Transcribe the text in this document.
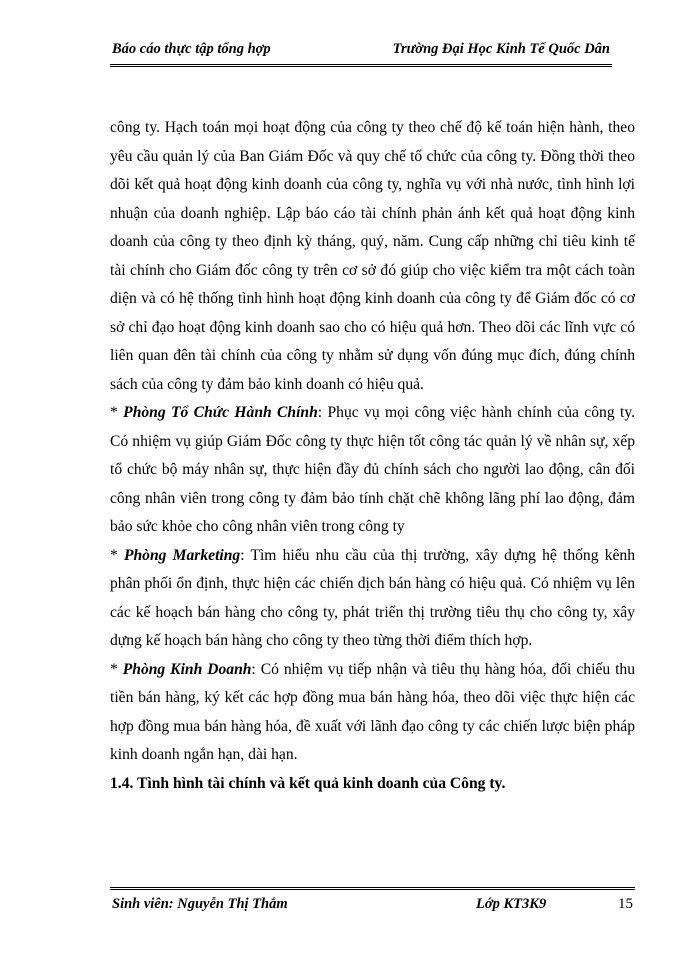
Báo cáo thực tập tổng hợp	Trường Đại Học Kinh Tế Quốc Dân

công ty. Hạch toán mọi hoạt động của công ty theo chế độ kế toán hiện hành, theo yêu cầu quản lý của Ban Giám Đốc và quy chế tổ chức của công ty. Đồng thời theo dõi kết quả hoạt động kinh doanh của công ty, nghĩa vụ với nhà nước, tình hình lợi nhuận của doanh nghiệp. Lập báo cáo tài chính phản ánh kết quả hoạt động kinh doanh của công ty theo định kỳ tháng, quý, năm. Cung cấp những chỉ tiêu kinh tế tài chính cho Giám đốc công ty trên cơ sở đó giúp cho việc kiểm tra một cách toàn diện và có hệ thống tình hình hoạt động kinh doanh của công ty để Giám đốc có cơ sở chỉ đạo hoạt động kinh doanh sao cho có hiệu quả hơn. Theo dõi các lĩnh vực có liên quan đên tài chính của công ty nhằm sử dụng vốn đúng mục đích, đúng chính sách của công ty đảm bảo kinh doanh có hiệu quả.

* Phòng Tổ Chức Hành Chính: Phục vụ mọi công việc hành chính của công ty. Có nhiệm vụ giúp Giám Đốc công ty thực hiện tốt công tác quản lý về nhân sự, xếp tổ chức bộ máy nhân sự, thực hiện đầy đủ chính sách cho người lao động, cân đối công nhân viên trong công ty đảm bảo tính chặt chẽ không lãng phí lao động, đảm bảo sức khỏe cho công nhân viên trong công ty

* Phòng Marketing: Tìm hiểu nhu cầu của thị trường, xây dựng hệ thống kênh phân phối ổn định, thực hiện các chiến dịch bán hàng có hiệu quả. Có nhiệm vụ lên các kế hoạch bán hàng cho công ty, phát triển thị trường tiêu thụ cho công ty, xây dựng kế hoạch bán hàng cho công ty theo từng thời điểm thích hợp.

* Phòng Kinh Doanh: Có nhiệm vụ tiếp nhận và tiêu thụ hàng hóa, đối chiếu thu tiền bán hàng, ký kết các hợp đồng mua bán hàng hóa, theo dõi việc thực hiện các hợp đồng mua bán hàng hóa, đề xuất với lãnh đạo công ty các chiến lược biện pháp kinh doanh ngắn hạn, dài hạn.

1.4. Tình hình tài chính và kết quả kinh doanh của Công ty.

Sinh viên: Nguyễn Thị Thắm	Lớp KT3K9	15
